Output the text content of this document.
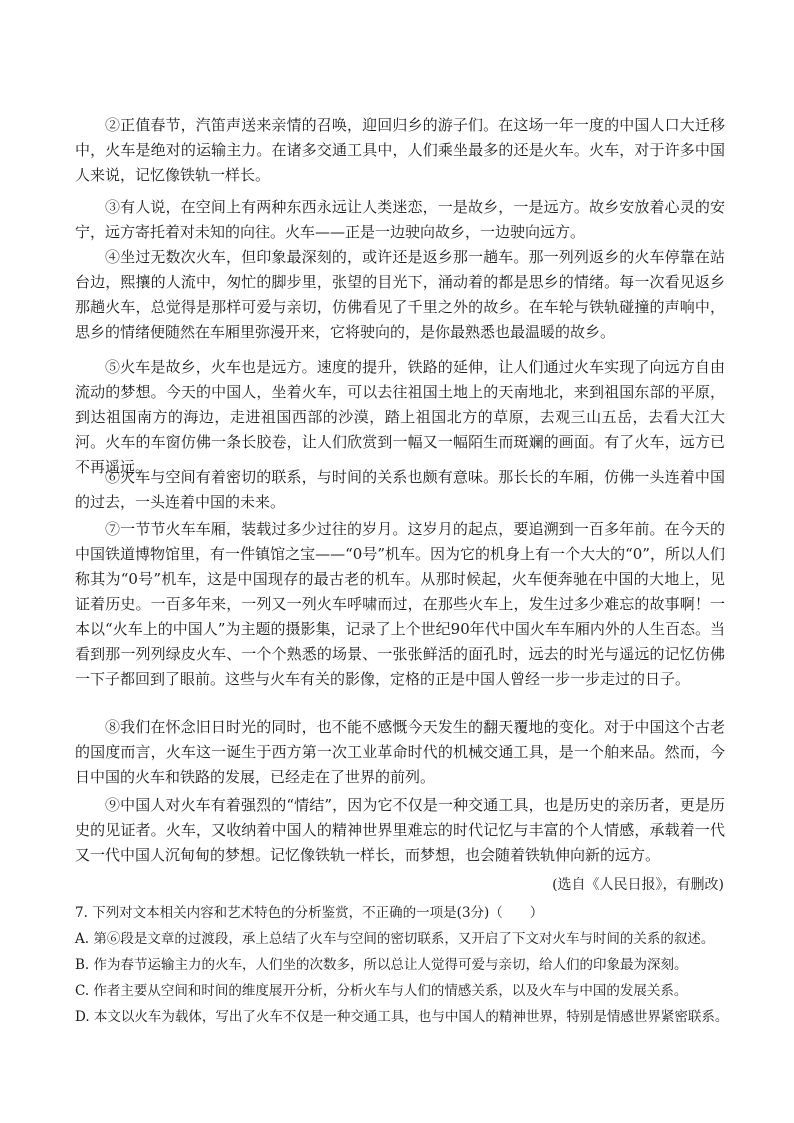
②正值春节，汽笛声送来亲情的召唤，迎回归乡的游子们。在这场一年一度的中国人口大迁移中，火车是绝对的运输主力。在诸多交通工具中，人们乘坐最多的还是火车。火车，对于许多中国人来说，记忆像铁轨一样长。

③有人说，在空间上有两种东西永远让人类迷恋，一是故乡，一是远方。故乡安放着心灵的安宁，远方寄托着对未知的向往。火车——正是一边驶向故乡，一边驶向远方。

④坐过无数次火车，但印象最深刻的，或许还是返乡那一趟车。那一列列返乡的火车停靠在站台边，熙攘的人流中，匆忙的脚步里，张望的目光下，涌动着的都是思乡的情绪。每一次看见返乡那趟火车，总觉得是那样可爱与亲切，仿佛看见了千里之外的故乡。在车轮与铁轨碰撞的声响中，思乡的情绪便随然在车厢里弥漫开来，它将驶向的，是你最熟悉也最温暖的故乡。

⑤火车是故乡，火车也是远方。速度的提升，铁路的延伸，让人们通过火车实现了向远方自由流动的梦想。今天的中国人，坐着火车，可以去往祖国土地上的天南地北，来到祖国东部的平原，到达祖国南方的海边，走进祖国西部的沙漠，踏上祖国北方的草原，去观三山五岳，去看大江大河。火车的车窗仿佛一条长胶卷，让人们欣赏到一幅又一幅陌生而斑斓的画面。有了火车，远方已不再遥远。

⑥火车与空间有着密切的联系，与时间的关系也颇有意味。那长长的车厢，仿佛一头连着中国的过去，一头连着中国的未来。

⑦一节节火车车厢，装载过多少过往的岁月。这岁月的起点，要追溯到一百多年前。在今天的中国铁道博物馆里，有一件镇馆之宝——“0号”机车。因为它的机身上有一个大大的“0”，所以人们称其为“0号”机车，这是中国现存的最古老的机车。从那时候起，火车便奔驰在中国的大地上，见证着历史。一百多年来，一列又一列火车呼啸而过，在那些火车上，发生过多少难忘的故事啊！一本以“火车上的中国人”为主题的摄影集，记录了上个世纪90年代中国火车车厢内外的人生百态。当看到那一列列绿皮火车、一个个熟悉的场景、一张张鲜活的面孔时，远去的时光与遥远的记忆仿佛一下子都回到了眼前。这些与火车有关的影像，定格的正是中国人曾经一步一步走过的日子。

⑧我们在怀念旧日时光的同时，也不能不感慨今天发生的翻天覆地的变化。对于中国这个古老的国度而言，火车这一诞生于西方第一次工业革命时代的机械交通工具，是一个舶来品。然而，今日中国的火车和铁路的发展，已经走在了世界的前列。

⑨中国人对火车有着强烈的“情结”，因为它不仅是一种交通工具，也是历史的亲历者，更是历史的见证者。火车，又收纳着中国人的精神世界里难忘的时代记忆与丰富的个人情感，承载着一代又一代中国人沉甸甸的梦想。记忆像铁轨一样长，而梦想，也会随着铁轨伸向新的远方。

(选自《人民日报》，有删改)

7. 下列对文本相关内容和艺术特色的分析鉴赏，不正确的一项是(3分)（　　）
A. 第⑥段是文章的过渡段，承上总结了火车与空间的密切联系，又开启了下文对火车与时间的关系的叙述。
B. 作为春节运输主力的火车，人们坐的次数多，所以总让人觉得可爱与亲切，给人们的印象最为深刻。
C. 作者主要从空间和时间的维度展开分析，分析火车与人们的情感关系，以及火车与中国的发展关系。
D. 本文以火车为载体，写出了火车不仅是一种交通工具，也与中国人的精神世界，特别是情感世界紧密联系。
